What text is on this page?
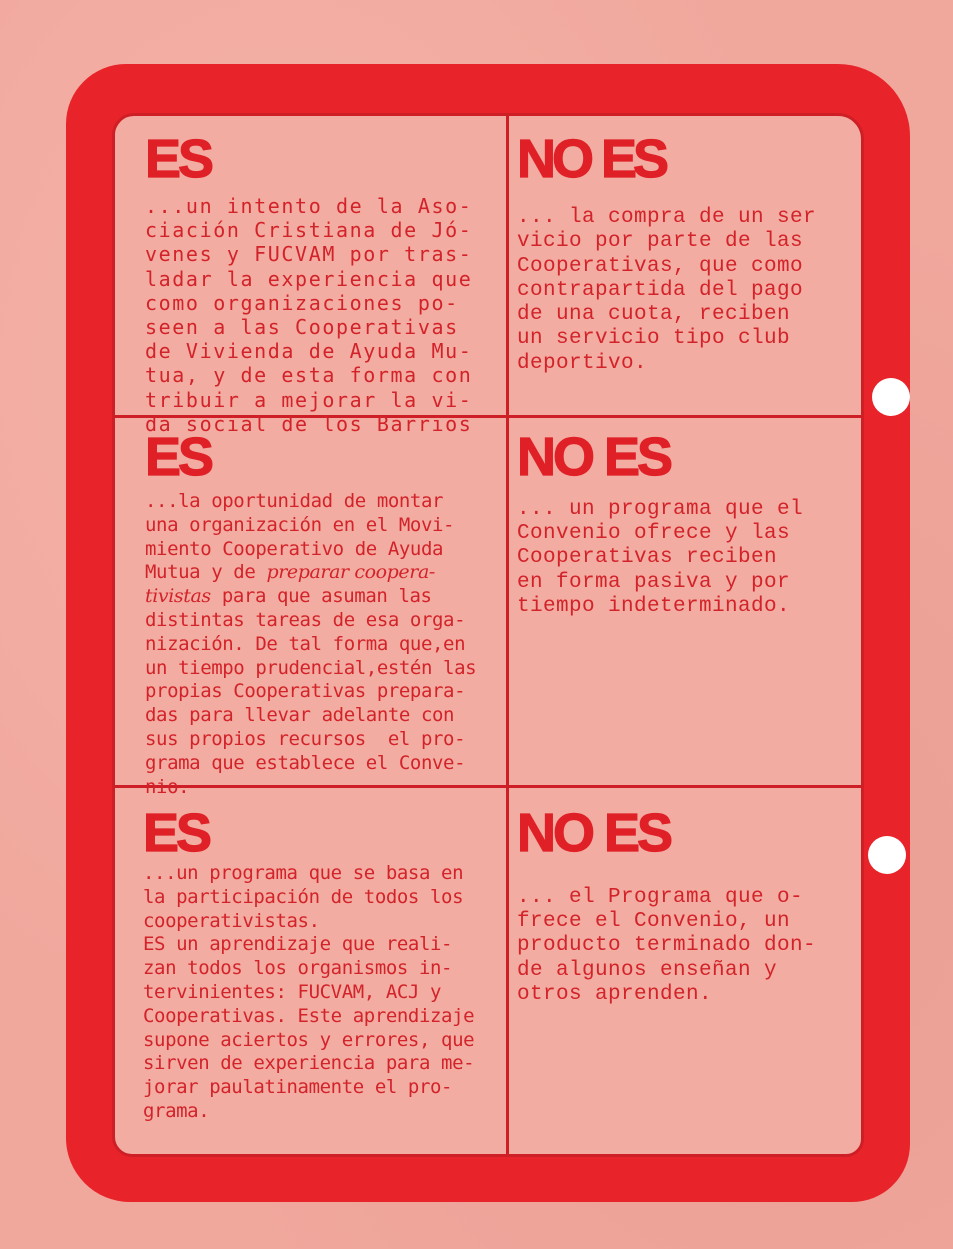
ES
...un intento de la Aso-
ciación Cristiana de Jó-
venes y FUCVAM por tras-
ladar la experiencia que
como organizaciones po-
seen a las Cooperativas
de Vivienda de Ayuda Mu-
tua, y de esta forma con
tribuir a mejorar la vi-
da social de los Barrios
NO ES
... la compra de un ser
vicio por parte de las
Cooperativas, que como
contrapartida del pago
de una cuota, reciben
un servicio tipo club
deportivo.
ES
...la oportunidad de montar
una organización en el Movi-
miento Cooperativo de Ayuda
Mutua y de preparar coopera-
tivistas para que asuman las
distintas tareas de esa orga-
nización. De tal forma que,en
un tiempo prudencial,estén las
propias Cooperativas prepara-
das para llevar adelante con
sus propios recursos  el pro-
grama que establece el Conve-
nio.
NO ES
... un programa que el
Convenio ofrece y las
Cooperativas reciben
en forma pasiva y por
tiempo indeterminado.
ES
...un programa que se basa en
la participación de todos los
cooperativistas.
ES un aprendizaje que reali-
zan todos los organismos in-
tervinientes: FUCVAM, ACJ y
Cooperativas. Este aprendizaje
supone aciertos y errores, que
sirven de experiencia para me-
jorar paulatinamente el pro-
grama.
NO ES
... el Programa que o-
frece el Convenio, un
producto terminado don-
de algunos enseñan y
otros aprenden.
